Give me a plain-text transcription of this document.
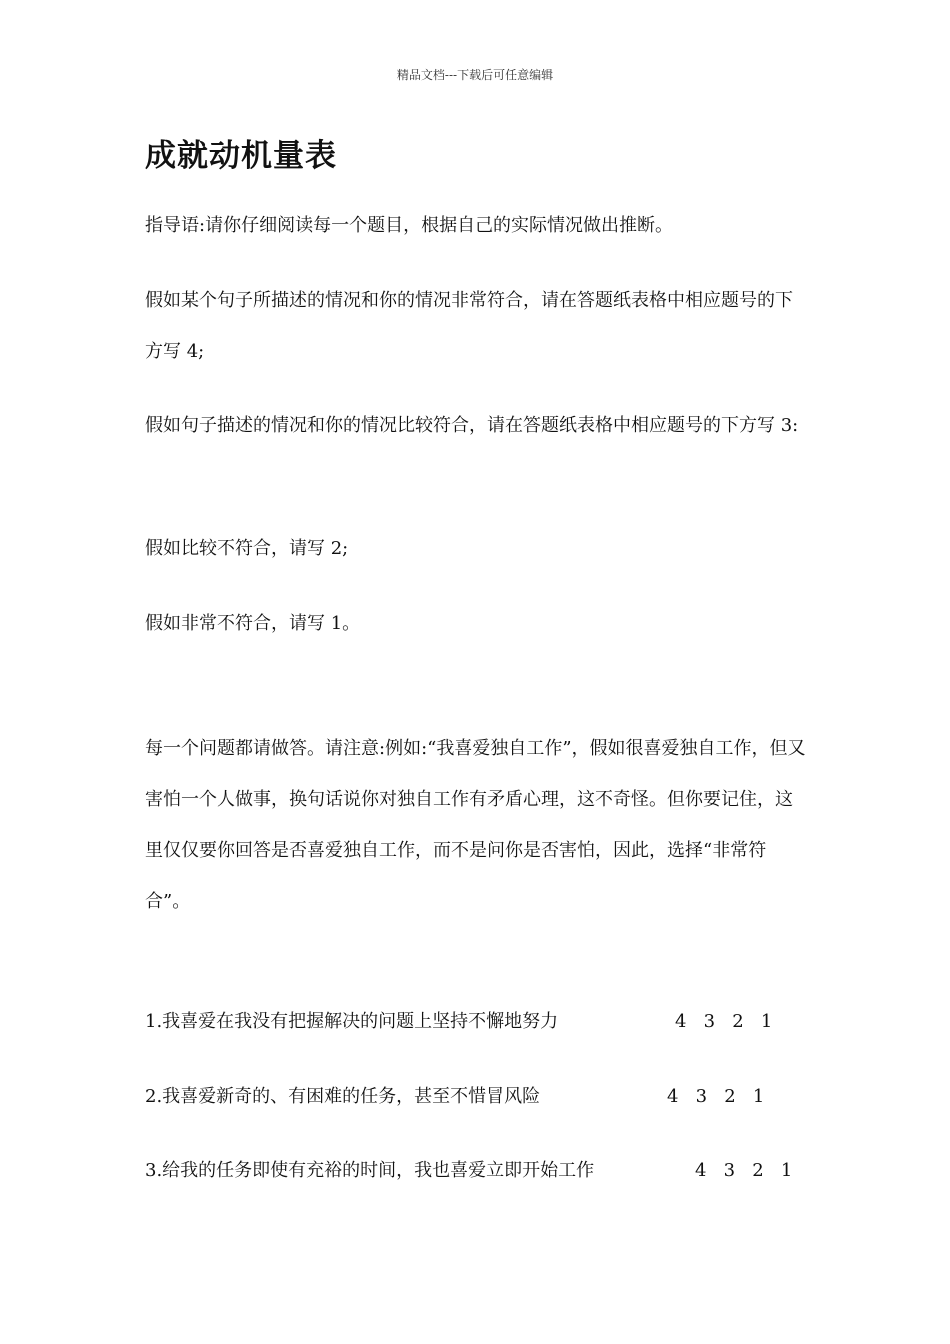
精品文档---下载后可任意编辑
成就动机量表

指导语:请你仔细阅读每一个题目，根据自己的实际情况做出推断。

假如某个句子所描述的情况和你的情况非常符合，请在答题纸表格中相应题号的下方写 4;

假如句子描述的情况和你的情况比较符合，请在答题纸表格中相应题号的下方写 3:

假如比较不符合，请写 2;

假如非常不符合，请写 1。

每一个问题都请做答。请注意:例如:“我喜爱独自工作”，假如很喜爱独自工作，但又害怕一个人做事，换句话说你对独自工作有矛盾心理，这不奇怪。但你要记住，这里仅仅要你回答是否喜爱独自工作，而不是问你是否害怕，因此，选择“非常符合”。

1.我喜爱在我没有把握解决的问题上坚持不懈地努力	4   3   2   1
2.我喜爱新奇的、有困难的任务，甚至不惜冒风险	4   3   2   1
3.给我的任务即使有充裕的时间，我也喜爱立即开始工作	4   3   2   1
